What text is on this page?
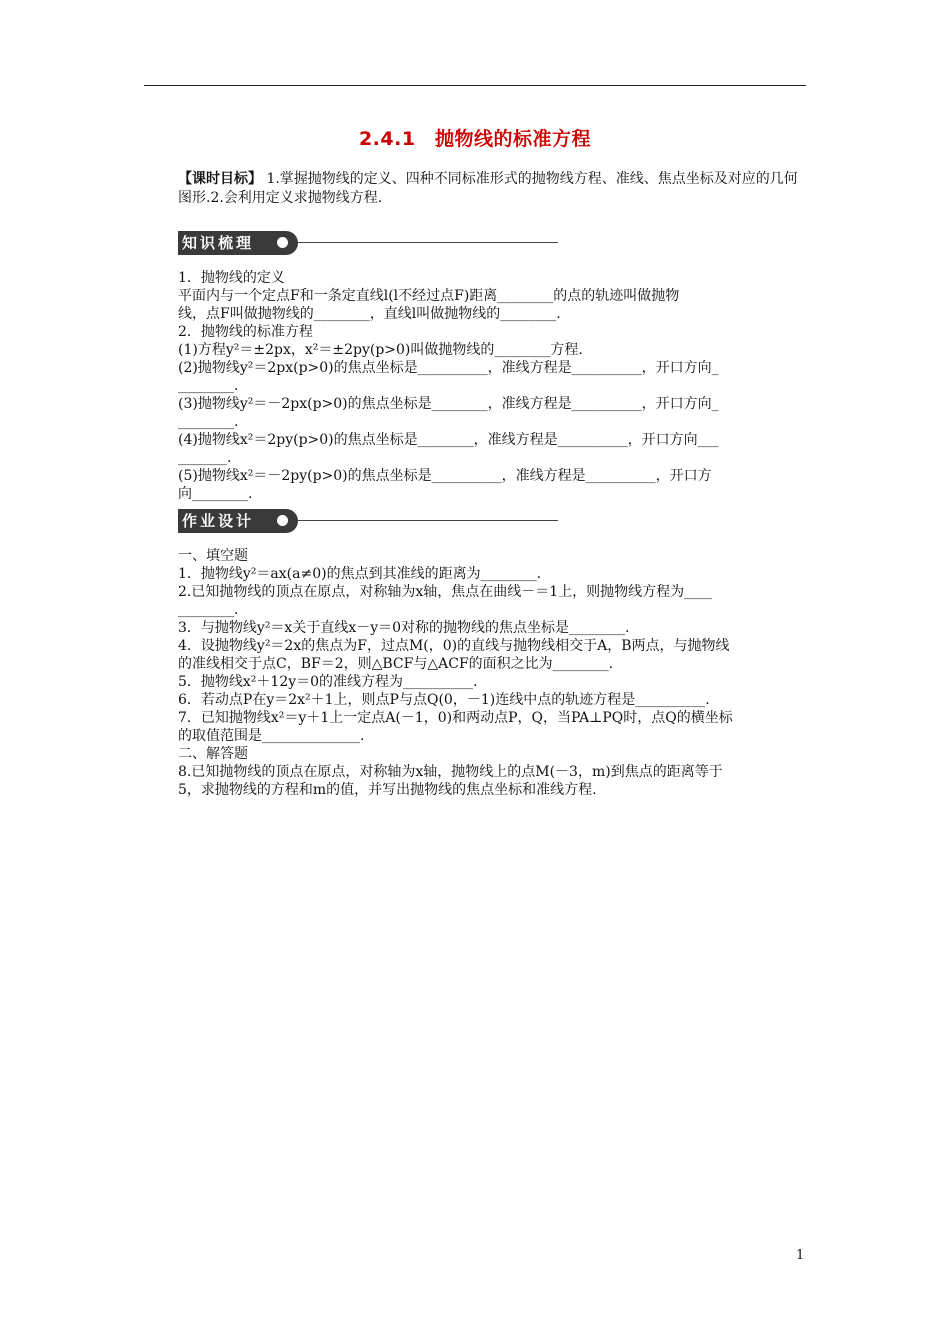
2.4.1　抛物线的标准方程
【课时目标】 1.掌握抛物线的定义、四种不同标准形式的抛物线方程、准线、焦点坐标及对应的几何图形.2.会利用定义求抛物线方程.
知识梳理
1．抛物线的定义
平面内与一个定点F和一条定直线l(l不经过点F)距离________的点的轨迹叫做抛物
线，点F叫做抛物线的________，直线l叫做抛物线的________.
2．抛物线的标准方程
(1)方程y²＝±2px，x²＝±2py(p>0)叫做抛物线的________方程.
(2)抛物线y²＝2px(p>0)的焦点坐标是__________，准线方程是__________，开口方向_
________.
(3)抛物线y²＝－2px(p>0)的焦点坐标是________，准线方程是__________，开口方向_
________.
(4)抛物线x²＝2py(p>0)的焦点坐标是________，准线方程是__________，开口方向___
_______.
(5)抛物线x²＝－2py(p>0)的焦点坐标是__________，准线方程是__________，开口方
向________.
作业设计
一、填空题
1．抛物线y²＝ax(a≠0)的焦点到其准线的距离为________.
2.已知抛物线的顶点在原点，对称轴为x轴，焦点在曲线－＝1上，则抛物线方程为____
________.
3．与抛物线y²＝x关于直线x－y＝0对称的抛物线的焦点坐标是________.
4．设抛物线y²＝2x的焦点为F，过点M(，0)的直线与抛物线相交于A，B两点，与抛物线
的准线相交于点C，BF＝2，则△BCF与△ACF的面积之比为________.
5．抛物线x²＋12y＝0的准线方程为__________.
6．若动点P在y＝2x²＋1上，则点P与点Q(0，－1)连线中点的轨迹方程是__________.
7．已知抛物线x²＝y＋1上一定点A(－1，0)和两动点P，Q，当PA⊥PQ时，点Q的横坐标
的取值范围是______________.
二、解答题
8.已知抛物线的顶点在原点，对称轴为x轴，抛物线上的点M(－3，m)到焦点的距离等于
5，求抛物线的方程和m的值，并写出抛物线的焦点坐标和准线方程.
1
